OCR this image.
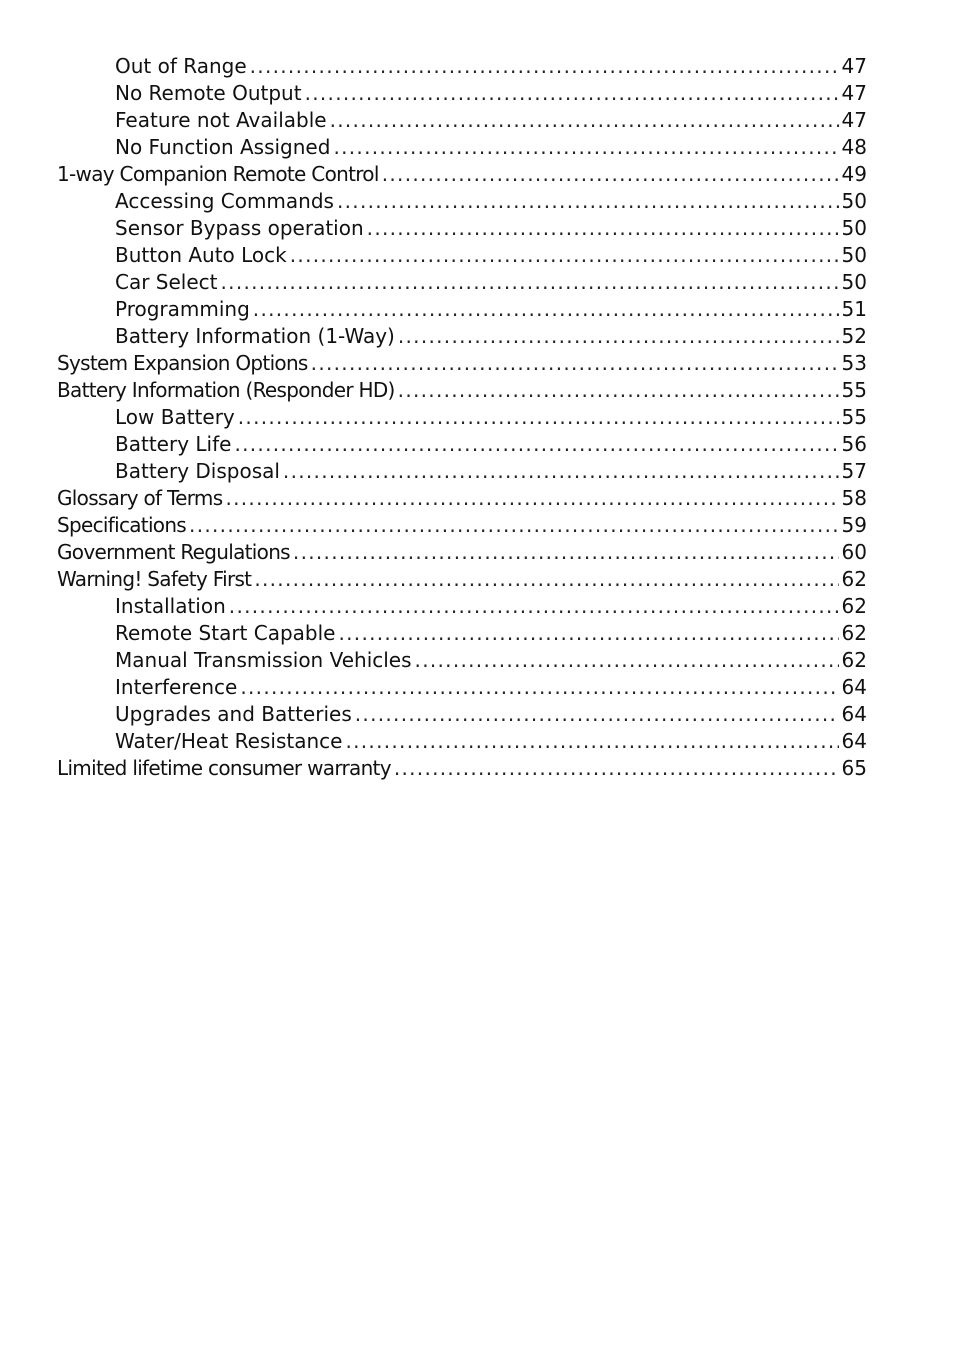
Out of Range .....	47
No Remote Output .....	47
Feature not Available .....	47
No Function Assigned .....	48
1-way Companion Remote Control .....	49
Accessing Commands .....	50
Sensor Bypass operation .....	50
Button Auto Lock .....	50
Car Select .....	50
Programming .....	51
Battery Information (1-Way) .....	52
System Expansion Options .....	53
Battery Information (Responder HD) .....	55
Low Battery .....	55
Battery Life .....	56
Battery Disposal .....	57
Glossary of Terms .....	58
Specifications .....	59
Government Regulations .....	60
Warning! Safety First .....	62
Installation .....	62
Remote Start Capable .....	62
Manual Transmission Vehicles .....	62
Interference .....	64
Upgrades and Batteries .....	64
Water/Heat Resistance .....	64
Limited lifetime consumer warranty .....	65
